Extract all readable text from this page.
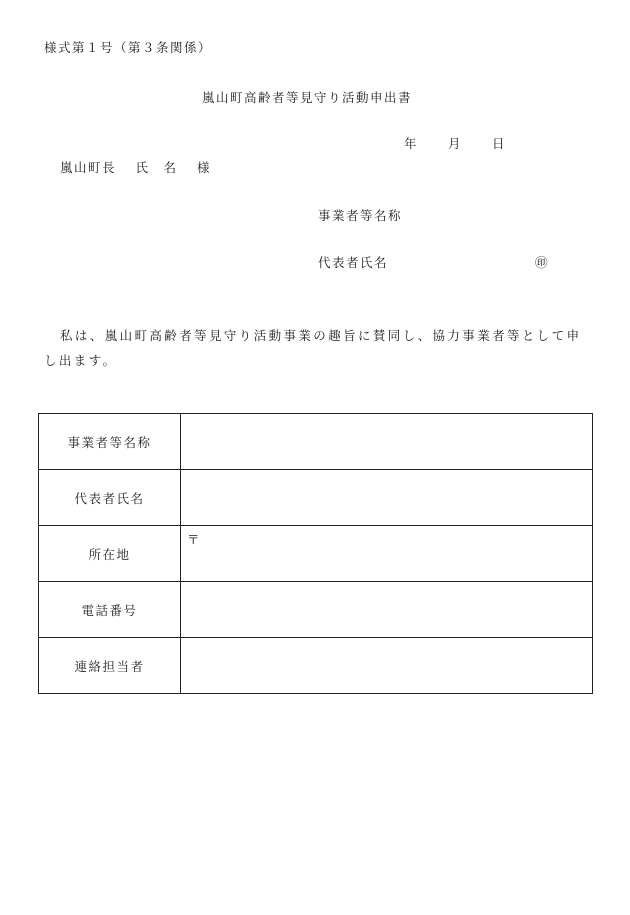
様式第１号（第３条関係）
嵐山町高齢者等見守り活動申出書
年	月	日
嵐山町長　 氏　名　 様
事業者等名称
代表者氏名	㊞
私は、嵐山町高齢者等見守り活動事業の趣旨に賛同し、協力事業者等として申し出ます。
事業者等名称	
代表者氏名	
所在地	〒
電話番号	
連絡担当者	
